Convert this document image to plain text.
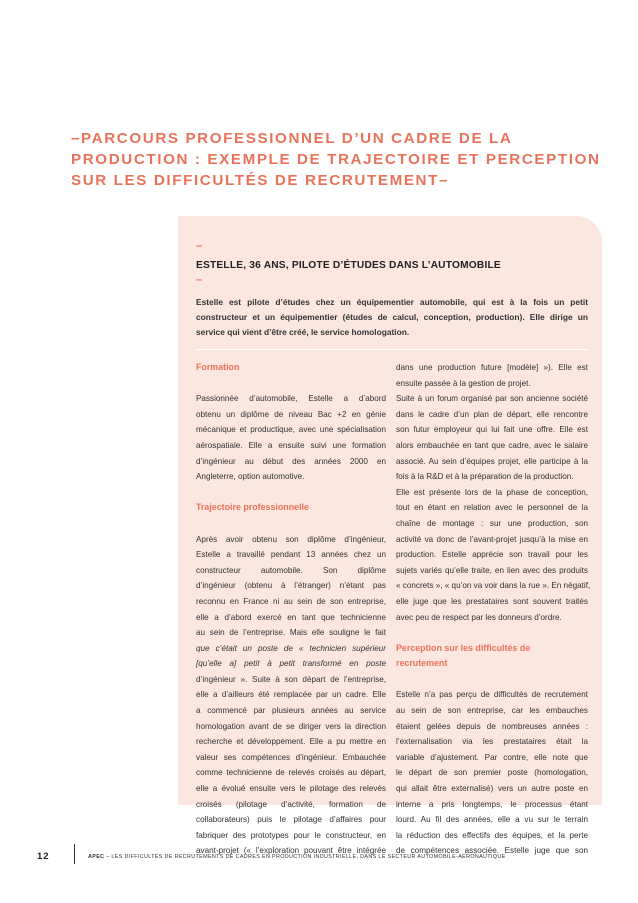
–PARCOURS PROFESSIONNEL D’UN CADRE DE LA
PRODUCTION : EXEMPLE DE TRAJECTOIRE ET PERCEPTION
SUR LES DIFFICULTÉS DE RECRUTEMENT–
–
ESTELLE, 36 ANS, PILOTE D’ÉTUDES DANS L’AUTOMOBILE
–
Estelle est pilote d’études chez un équipementier automobile, qui est à la fois un petit
constructeur et un équipementier (études de calcul, conception, production). Elle dirige un
service qui vient d’être créé, le service homologation.
Formation
Passionnée d’automobile, Estelle a d’abord
obtenu un diplôme de niveau Bac +2 en génie
mécanique et productique, avec une spécialisation
aérospatiale. Elle a ensuite suivi une formation
d’ingénieur au début des années 2000 en
Angleterre, option automotive.
Trajectoire professionnelle
Après avoir obtenu son diplôme d’ingénieur,
Estelle a travaillé pendant 13 années chez un
constructeur automobile. Son diplôme
d’ingénieur (obtenu à l’étranger) n’étant pas
reconnu en France ni au sein de son entreprise,
elle a d’abord exercé en tant que technicienne
au sein de l’entreprise. Mais elle souligne le fait
que c’était un poste de « technicien supérieur
[qu’elle a] petit à petit transformé en poste
d’ingénieur ». Suite à son départ de l’entreprise,
elle a d’ailleurs été remplacée par un cadre. Elle
a commencé par plusieurs années au service
homologation avant de se diriger vers la direction
recherche et développement. Elle a pu mettre en
valeur ses compétences d’ingénieur. Embauchée
comme technicienne de relevés croisés au départ,
elle a évolué ensuite vers le pilotage des relevés
croisés (pilotage d’activité, formation de
collaborateurs) puis le pilotage d’affaires pour
fabriquer des prototypes pour le constructeur, en
avant-projet (« l’exploration pouvant être intégrée
dans une production future [modèle] »). Elle est
ensuite passée à la gestion de projet.
Suite à un forum organisé par son ancienne société
dans le cadre d’un plan de départ, elle rencontre
son futur employeur qui lui fait une offre. Elle est
alors embauchée en tant que cadre, avec le salaire
associé. Au sein d’équipes projet, elle participe à la
fois à la R&D et à la préparation de la production.
Elle est présente lors de la phase de conception,
tout en étant en relation avec le personnel de la
chaîne de montage : sur une production, son
activité va donc de l’avant-projet jusqu’à la mise en
production. Estelle apprécie son travail pour les
sujets variés qu’elle traite, en lien avec des produits
« concrets », « qu’on va voir dans la rue ». En négatif,
elle juge que les prestataires sont souvent traités
avec peu de respect par les donneurs d’ordre.
Perception sur les difficultés de
recrutement
Estelle n’a pas perçu de difficultés de recrutement
au sein de son entreprise, car les embauches
étaient gelées depuis de nombreuses années :
l’externalisation via les prestataires était la
variable d’ajustement. Par contre, elle note que
le départ de son premier poste (homologation,
qui allait être externalisé) vers un autre poste en
interne a pris longtemps, le processus étant
lourd. Au fil des années, elle a vu sur le terrain
la réduction des effectifs des équipes, et la perte
de compétences associée. Estelle juge que son
12	APEC – LES DIFFICULTÉS DE RECRUTEMENTS DE CADRES EN PRODUCTION INDUSTRIELLE, DANS LE SECTEUR AUTOMOBILE-AÉRONAUTIQUE
